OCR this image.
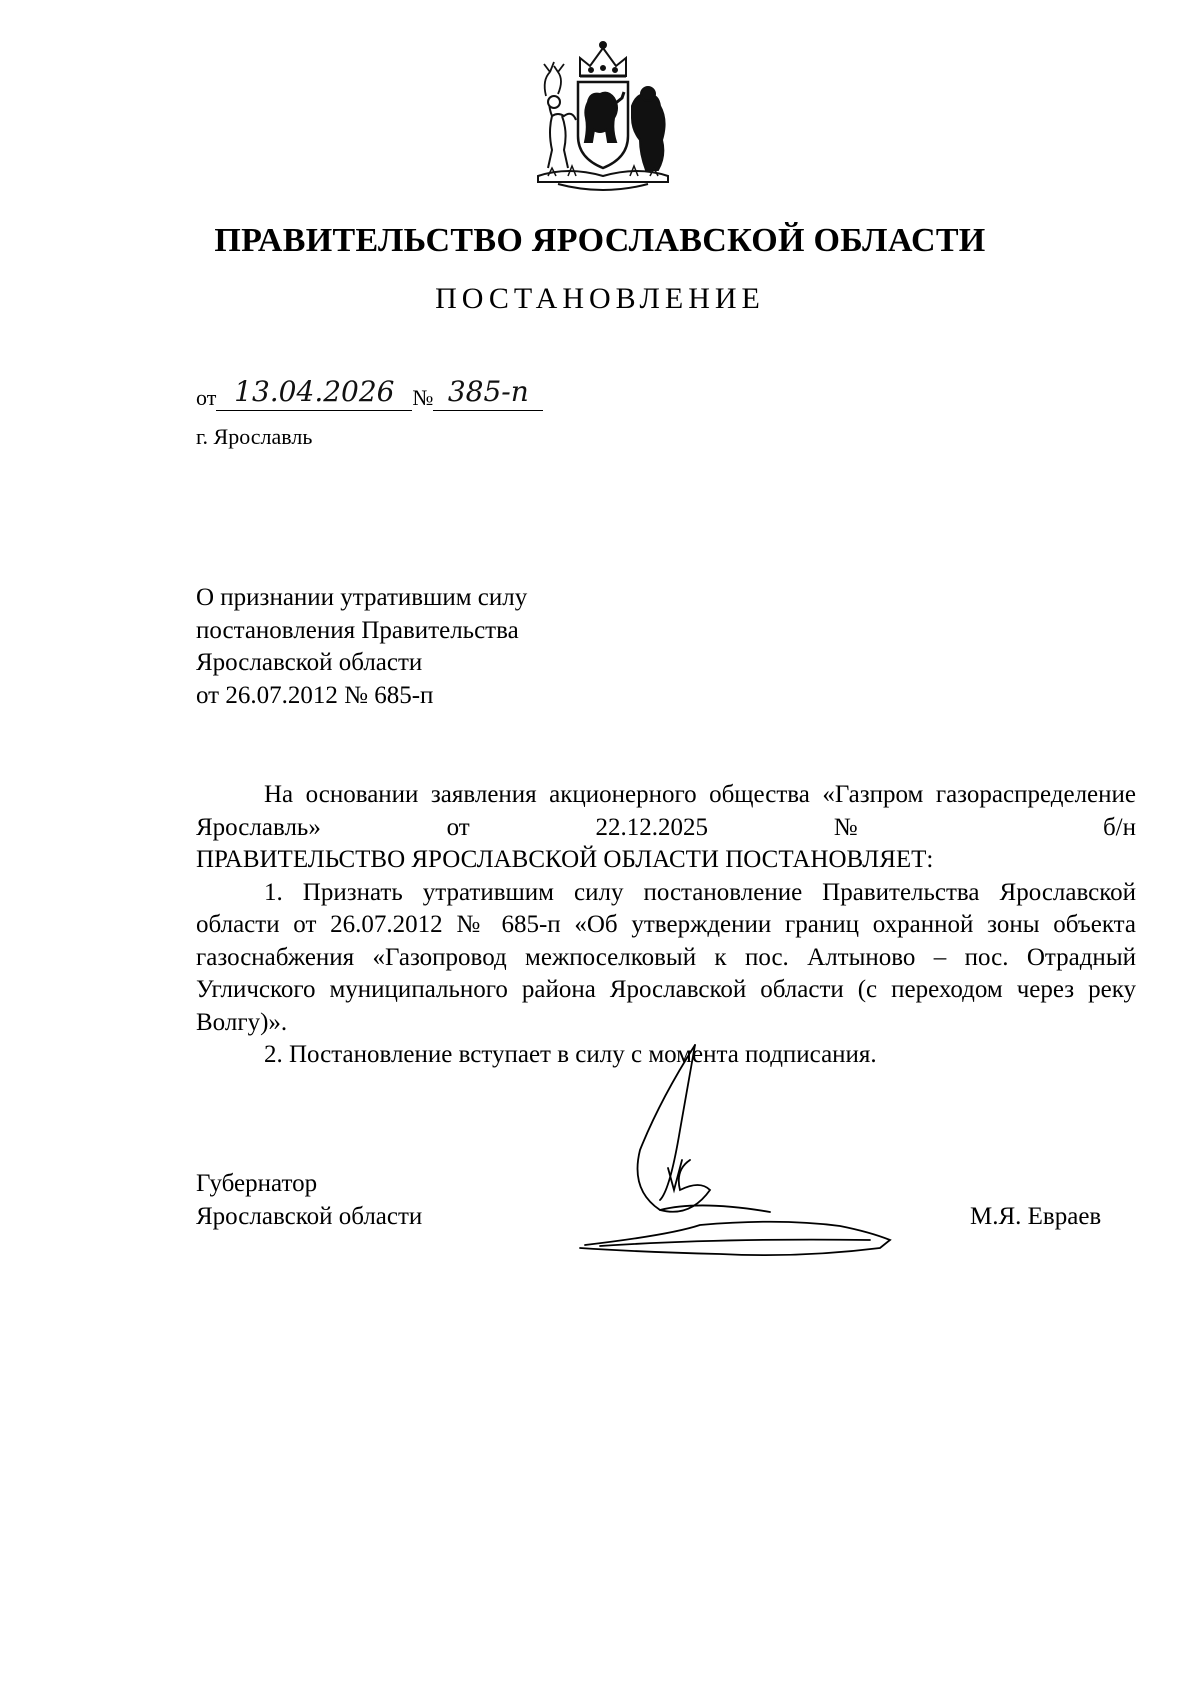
ПРАВИТЕЛЬСТВО ЯРОСЛАВСКОЙ ОБЛАСТИ
ПОСТАНОВЛЕНИЕ
от 13.04.2026 № 385-п
г. Ярославль
О признании утратившим силу
постановления Правительства
Ярославской области
от 26.07.2012 № 685-п

На основании заявления акционерного общества «Газпром газораспределение Ярославль» от 22.12.2025 № б/н

ПРАВИТЕЛЬСТВО ЯРОСЛАВСКОЙ ОБЛАСТИ ПОСТАНОВЛЯЕТ:

1. Признать утратившим силу постановление Правительства Ярославской области от 26.07.2012 № 685-п «Об утверждении границ охранной зоны объекта газоснабжения «Газопровод межпоселковый к пос. Алтыново – пос. Отрадный Угличского муниципального района Ярославской области (с переходом через реку Волгу)».

2. Постановление вступает в силу с момента подписания.

Губернатор
Ярославской области	М.Я. Евраев
